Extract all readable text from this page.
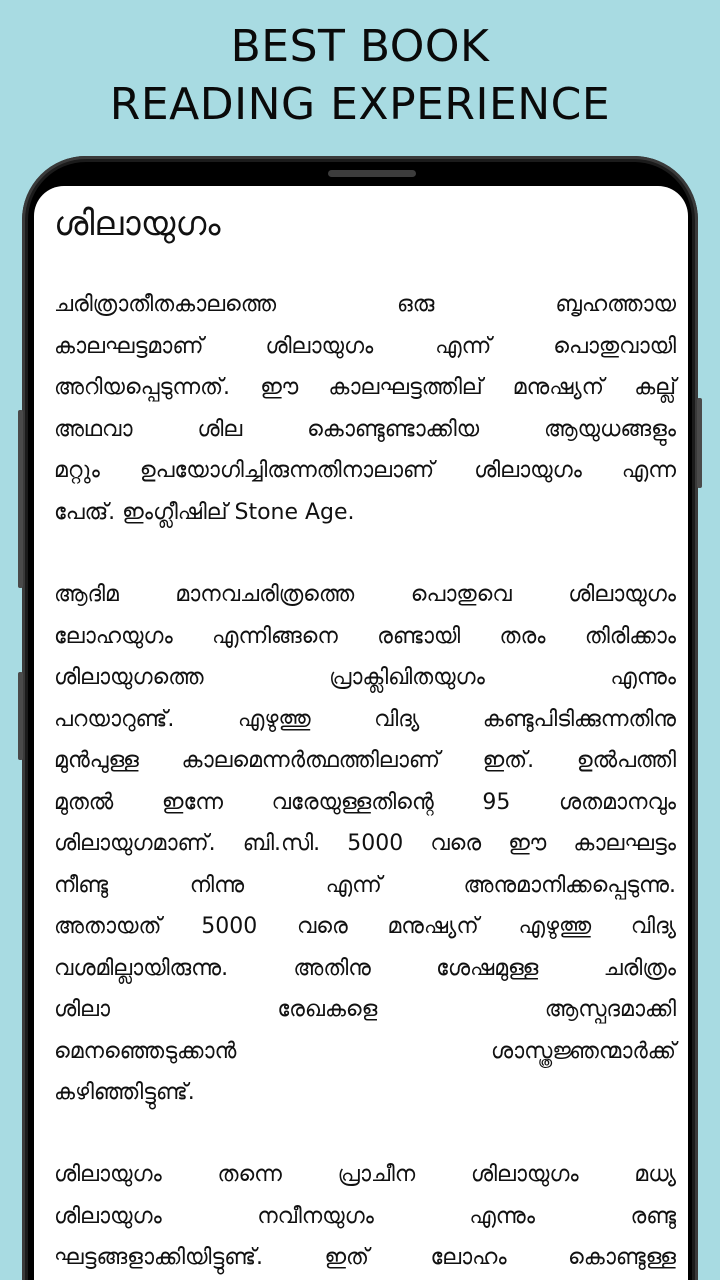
BEST BOOK
READING EXPERIENCE
ശിലായുഗം
ചരിത്രാതീതകാലത്തെ ഒരു ബൃഹത്തായ
കാലഘട്ടമാണ് ശിലായുഗം എന്ന് പൊതുവായി
അറിയപ്പെടുന്നത്. ഈ കാലഘട്ടത്തില് മനുഷ്യന് കല്ല്
അഥവാ ശില കൊണ്ടുണ്ടാക്കിയ ആയുധങ്ങളും
മറ്റും ഉപയോഗിച്ചിരുന്നതിനാലാണ് ശിലായുഗം എന്ന
പേരു്. ഇംഗ്ലീഷില് Stone Age.
ആദിമ മാനവചരിത്രത്തെ പൊതുവെ ശിലായുഗം
ലോഹയുഗം എന്നിങ്ങനെ രണ്ടായി തരം തിരിക്കാം
ശിലായുഗത്തെ പ്രാക്ലിഖിതയുഗം എന്നും
പറയാറുണ്ട്. എഴുത്തു വിദ്യ കണ്ടുപിടിക്കുന്നതിനു
മുൻപുള്ള കാലമെന്നർത്ഥത്തിലാണ് ഇത്. ഉൽപത്തി
മുതൽ ഇന്നേ വരേയുള്ളതിന്റെ 95 ശതമാനവും
ശിലായുഗമാണ്. ബി.സി. 5000 വരെ ഈ കാലഘട്ടം
നീണ്ടു നിന്നു എന്ന് അനുമാനിക്കപ്പെടുന്നു.
അതായത് 5000 വരെ മനുഷ്യന് എഴുത്തു വിദ്യ
വശമില്ലായിരുന്നു. അതിനു ശേഷമുള്ള ചരിത്രം
ശിലാ രേഖകളെ ആസ്പദമാക്കി
മെനഞ്ഞെടുക്കാൻ ശാസ്ത്രജ്ഞന്മാർക്ക്
കഴിഞ്ഞിട്ടുണ്ട്.
ശിലായുഗം തന്നെ പ്രാചീന ശിലായുഗം മധ്യ
ശിലായുഗം നവീനയുഗം എന്നും രണ്ടു
ഘട്ടങ്ങളാക്കിയിട്ടുണ്ട്. ഇത് ലോഹം കൊണ്ടുള്ള
